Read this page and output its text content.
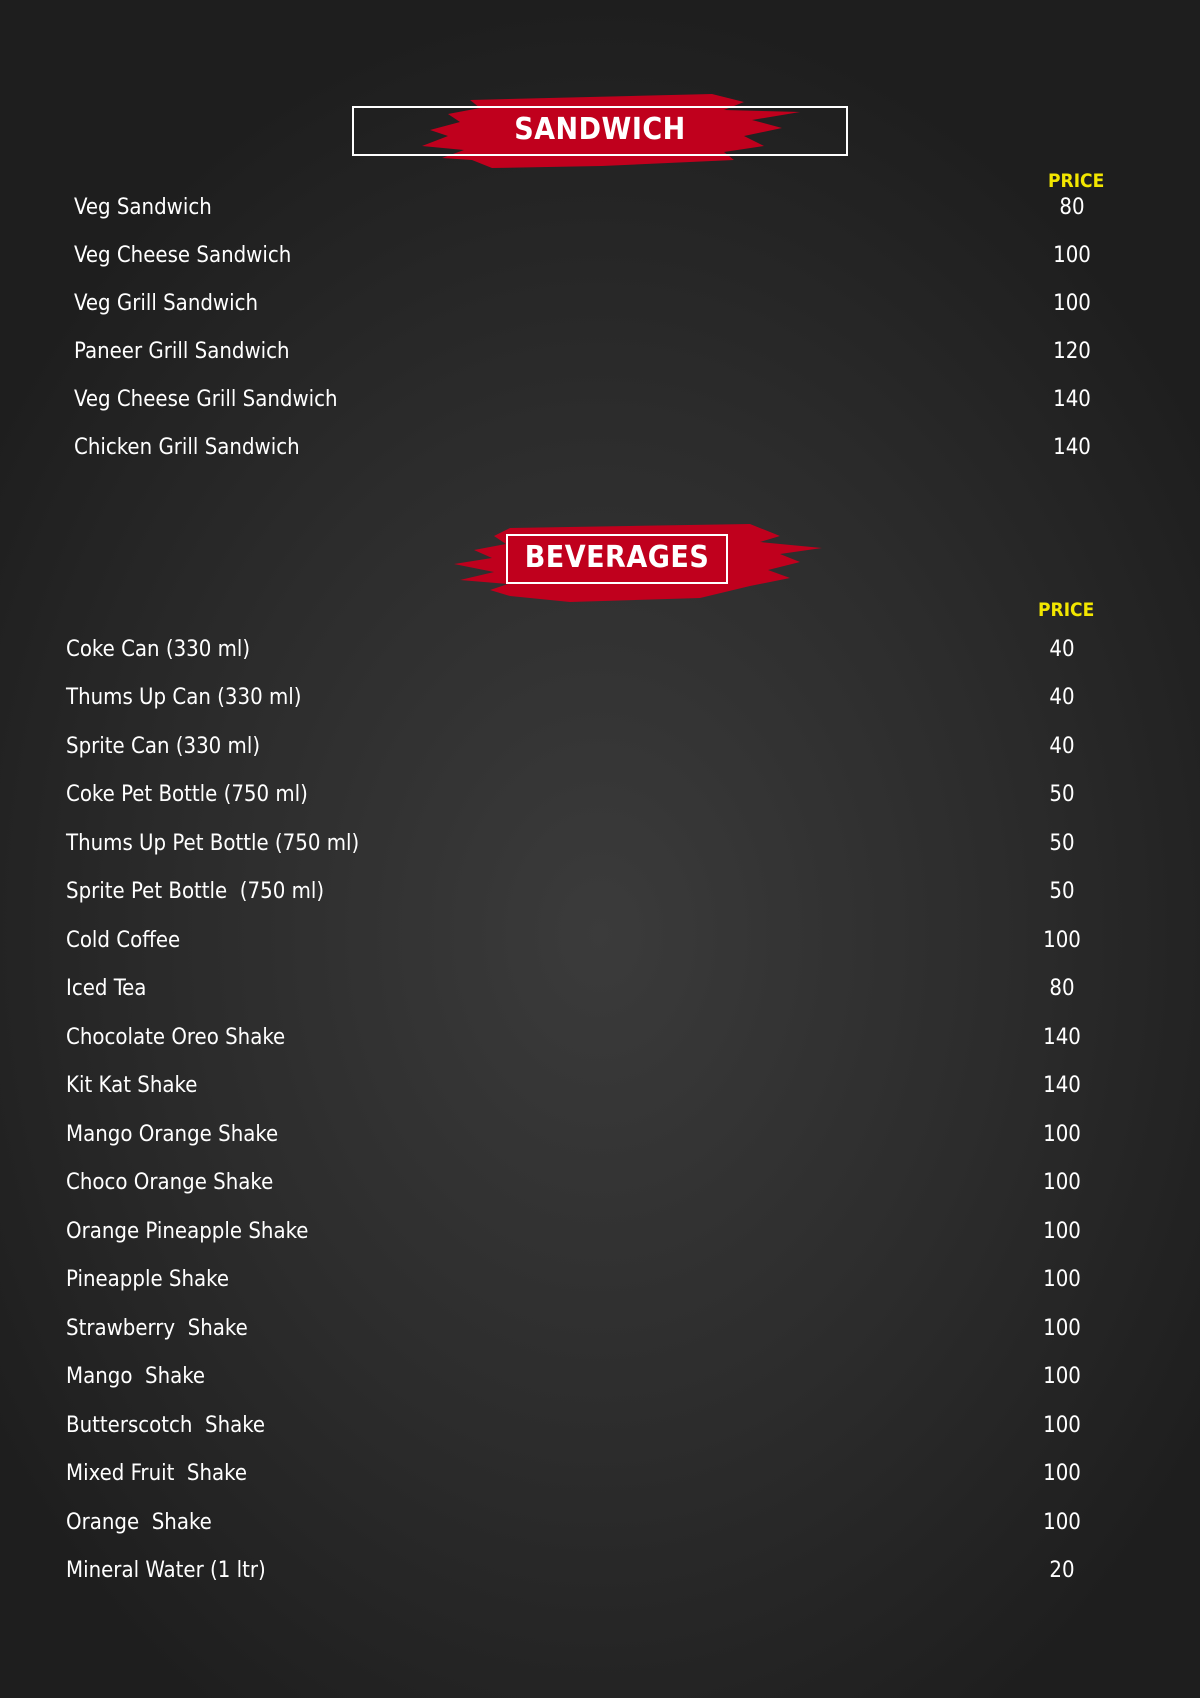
SANDWICH
PRICE
Veg Sandwich	80
Veg Cheese Sandwich	100
Veg Grill Sandwich	100
Paneer Grill Sandwich	120
Veg Cheese Grill Sandwich	140
Chicken Grill Sandwich	140
BEVERAGES
PRICE
Coke Can (330 ml)	40
Thums Up Can (330 ml)	40
Sprite Can (330 ml)	40
Coke Pet Bottle (750 ml)	50
Thums Up Pet Bottle (750 ml)	50
Sprite Pet Bottle  (750 ml)	50
Cold Coffee	100
Iced Tea	80
Chocolate Oreo Shake	140
Kit Kat Shake	140
Mango Orange Shake	100
Choco Orange Shake	100
Orange Pineapple Shake	100
Pineapple Shake	100
Strawberry  Shake	100
Mango  Shake	100
Butterscotch  Shake	100
Mixed Fruit  Shake	100
Orange  Shake	100
Mineral Water (1 ltr)	20
